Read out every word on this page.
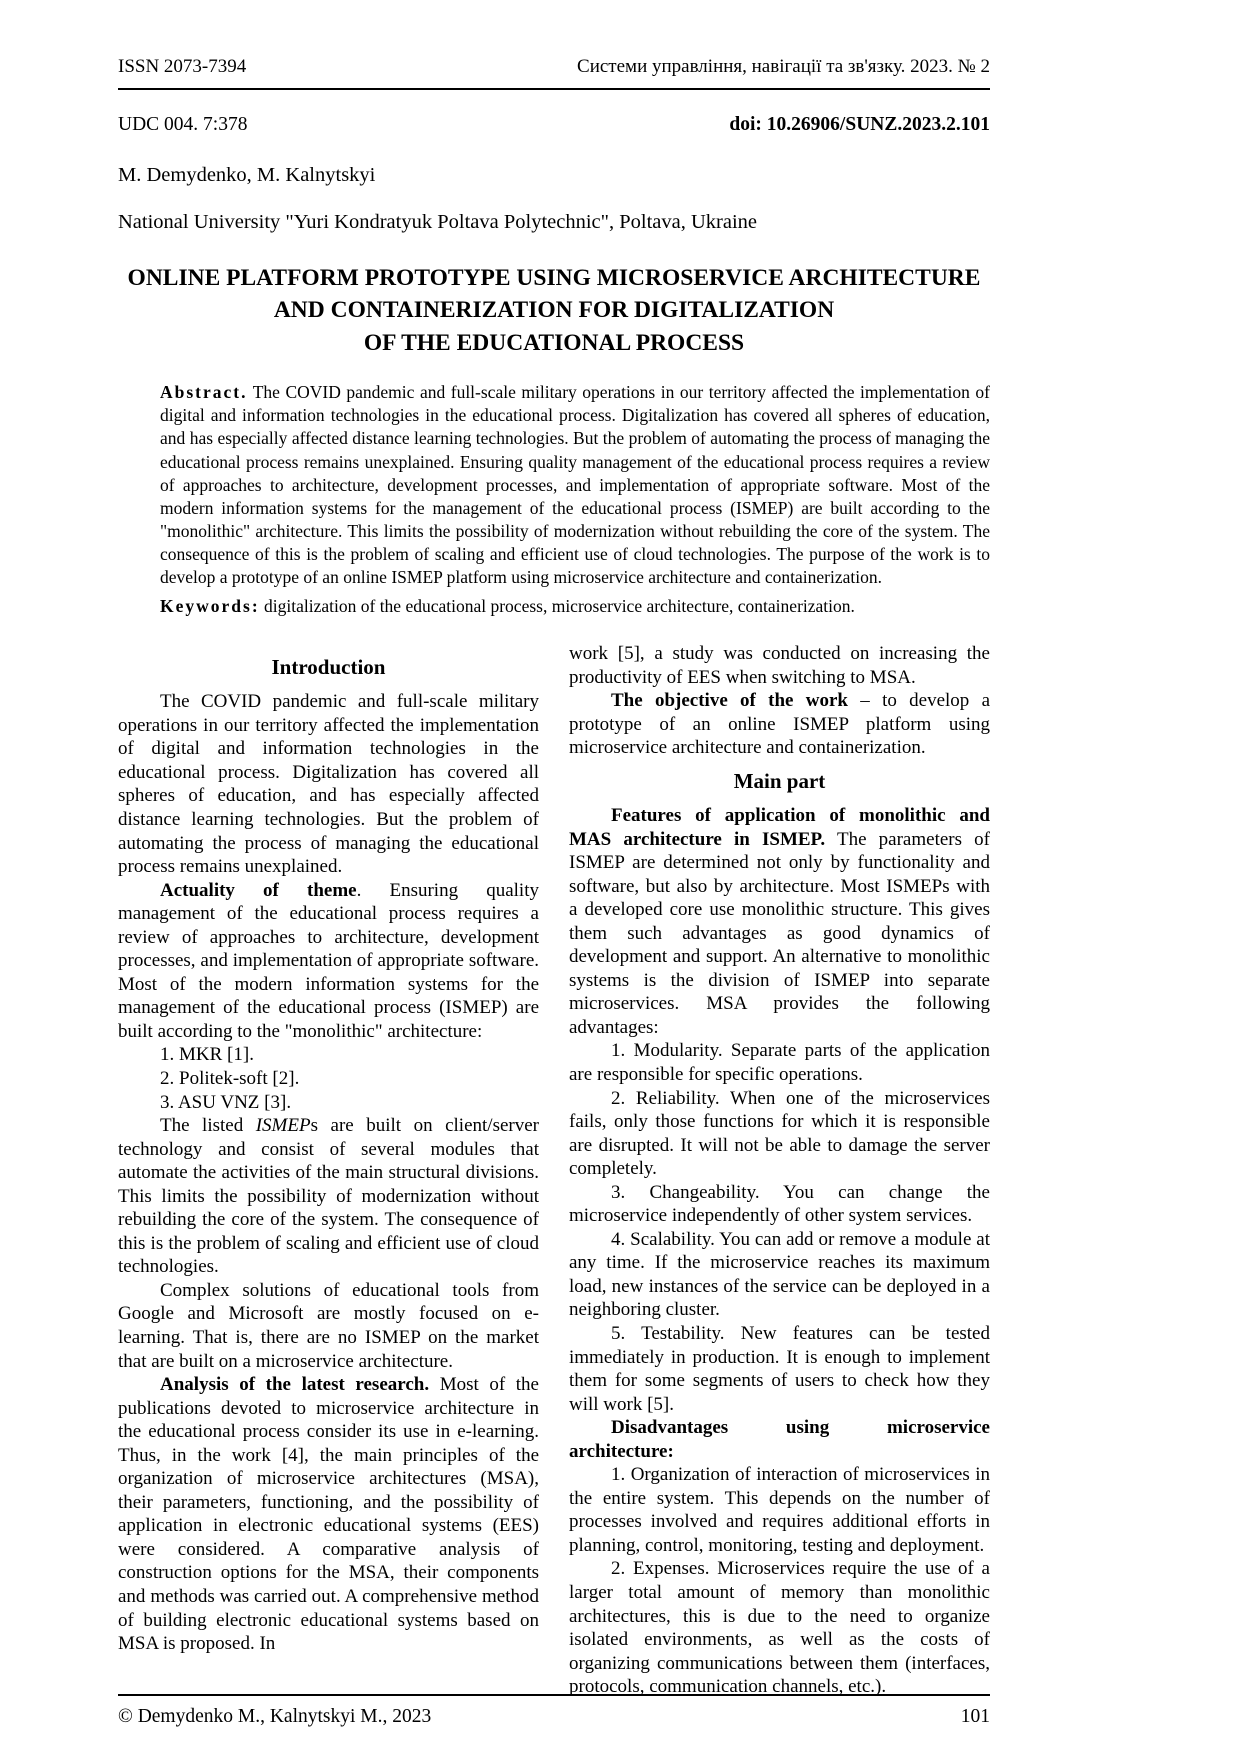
ISSN 2073-7394	Системи управління, навігації та зв'язку. 2023. № 2
UDC 004. 7:378	doi: 10.26906/SUNZ.2023.2.101
M. Demydenko, M. Kalnytskyi
National University "Yuri Kondratyuk Poltava Polytechnic", Poltava, Ukraine
ONLINE PLATFORM PROTOTYPE USING MICROSERVICE ARCHITECTURE
AND CONTAINERIZATION FOR DIGITALIZATION
OF THE EDUCATIONAL PROCESS
Abstract. The COVID pandemic and full-scale military operations in our territory affected the implementation of digital and information technologies in the educational process. Digitalization has covered all spheres of education, and has especially affected distance learning technologies. But the problem of automating the process of managing the educational process remains unexplained. Ensuring quality management of the educational process requires a review of approaches to architecture, development processes, and implementation of appropriate software. Most of the modern information systems for the management of the educational process (ISMEP) are built according to the "monolithic" architecture. This limits the possibility of modernization without rebuilding the core of the system. The consequence of this is the problem of scaling and efficient use of cloud technologies. The purpose of the work is to develop a prototype of an online ISMEP platform using microservice architecture and containerization.
Keywords: digitalization of the educational process, microservice architecture, containerization.
Introduction

The COVID pandemic and full-scale military operations in our territory affected the implementation of digital and information technologies in the educational process. Digitalization has covered all spheres of education, and has especially affected distance learning technologies. But the problem of automating the process of managing the educational process remains unexplained.

Actuality of theme. Ensuring quality management of the educational process requires a review of approaches to architecture, development processes, and implementation of appropriate software. Most of the modern information systems for the management of the educational process (ISMEP) are built according to the "monolithic" architecture:

1. MKR [1].

2. Politek-soft [2].

3. ASU VNZ [3].

The listed ISMEPs are built on client/server technology and consist of several modules that automate the activities of the main structural divisions. This limits the possibility of modernization without rebuilding the core of the system. The consequence of this is the problem of scaling and efficient use of cloud technologies.

Complex solutions of educational tools from Google and Microsoft are mostly focused on e-learning. That is, there are no ISMEP on the market that are built on a microservice architecture.

Analysis of the latest research. Most of the publications devoted to microservice architecture in the educational process consider its use in e-learning. Thus, in the work [4], the main principles of the organization of microservice architectures (MSA), their parameters, functioning, and the possibility of application in electronic educational systems (EES) were considered. A comparative analysis of construction options for the MSA, their components and methods was carried out. A comprehensive method of building electronic educational systems based on MSA is proposed. In

work [5], a study was conducted on increasing the productivity of EES when switching to MSA.

The objective of the work – to develop a prototype of an online ISMEP platform using microservice architecture and containerization.

Main part

Features of application of monolithic and MAS architecture in ISMEP. The parameters of ISMEP are determined not only by functionality and software, but also by architecture. Most ISMEPs with a developed core use monolithic structure. This gives them such advantages as good dynamics of development and support. An alternative to monolithic systems is the division of ISMEP into separate microservices. MSA provides the following advantages:

1. Modularity. Separate parts of the application are responsible for specific operations.

2. Reliability. When one of the microservices fails, only those functions for which it is responsible are disrupted. It will not be able to damage the server completely.

3. Changeability. You can change the microservice independently of other system services.

4. Scalability. You can add or remove a module at any time. If the microservice reaches its maximum load, new instances of the service can be deployed in a neighboring cluster.

5. Testability. New features can be tested immediately in production. It is enough to implement them for some segments of users to check how they will work [5].

Disadvantages using microservice architecture:

1. Organization of interaction of microservices in the entire system. This depends on the number of processes involved and requires additional efforts in planning, control, monitoring, testing and deployment.

2. Expenses. Microservices require the use of a larger total amount of memory than monolithic architectures, this is due to the need to organize isolated environments, as well as the costs of organizing communications between them (interfaces, protocols, communication channels, etc.).

© Demydenko M., Kalnytskyi M., 2023	101
